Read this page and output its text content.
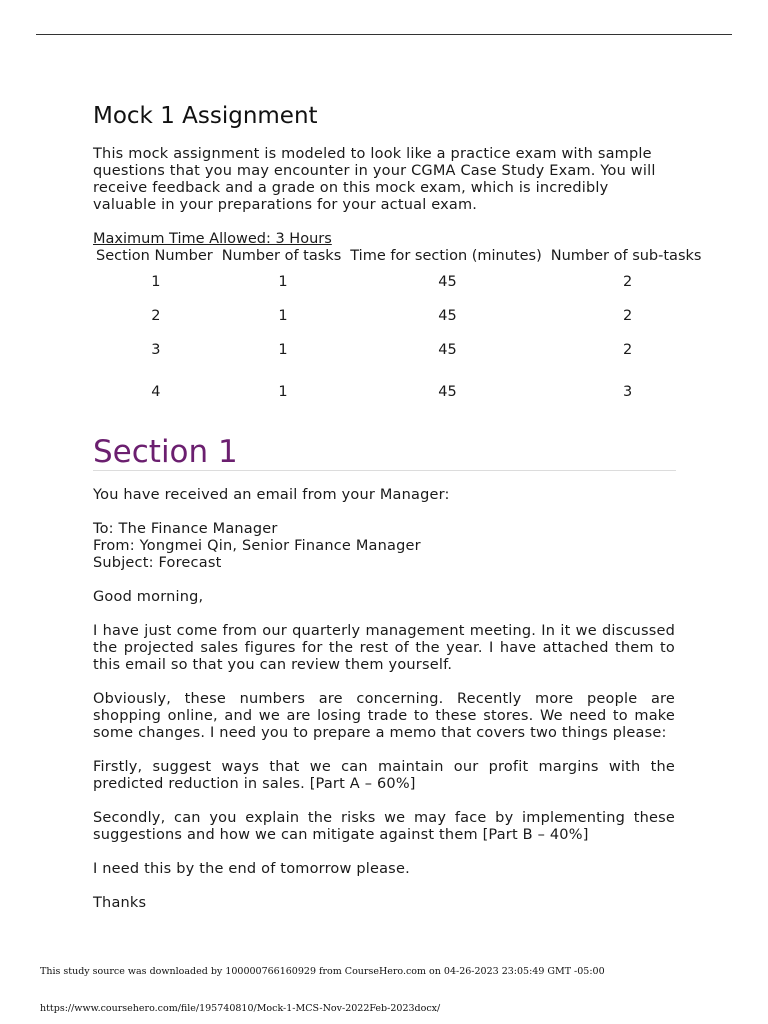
Mock 1 Assignment

This mock assignment is modeled to look like a practice exam with sample questions that you may encounter in your CGMA Case Study Exam. You will receive feedback and a grade on this mock exam, which is incredibly valuable in your preparations for your actual exam.

Maximum Time Allowed: 3 Hours
Section Number	Number of tasks	Time for section (minutes)	Number of sub-tasks
1	1	45	2
2	1	45	2
3	1	45	2
4	1	45	3
Section 1

You have received an email from your Manager:

To: The Finance Manager

From: Yongmei Qin, Senior Finance Manager

Subject: Forecast

Good morning,

I have just come from our quarterly management meeting. In it we discussed the projected sales figures for the rest of the year. I have attached them to this email so that you can review them yourself.

Obviously, these numbers are concerning. Recently more people are shopping online, and we are losing trade to these stores. We need to make some changes. I need you to prepare a memo that covers two things please:

Firstly, suggest ways that we can maintain our profit margins with the predicted reduction in sales. [Part A – 60%]

Secondly, can you explain the risks we may face by implementing these suggestions and how we can mitigate against them [Part B – 40%]

I need this by the end of tomorrow please.

Thanks

This study source was downloaded by 100000766160929 from CourseHero.com on 04-26-2023 23:05:49 GMT -05:00
https://www.coursehero.com/file/195740810/Mock-1-MCS-Nov-2022Feb-2023docx/
